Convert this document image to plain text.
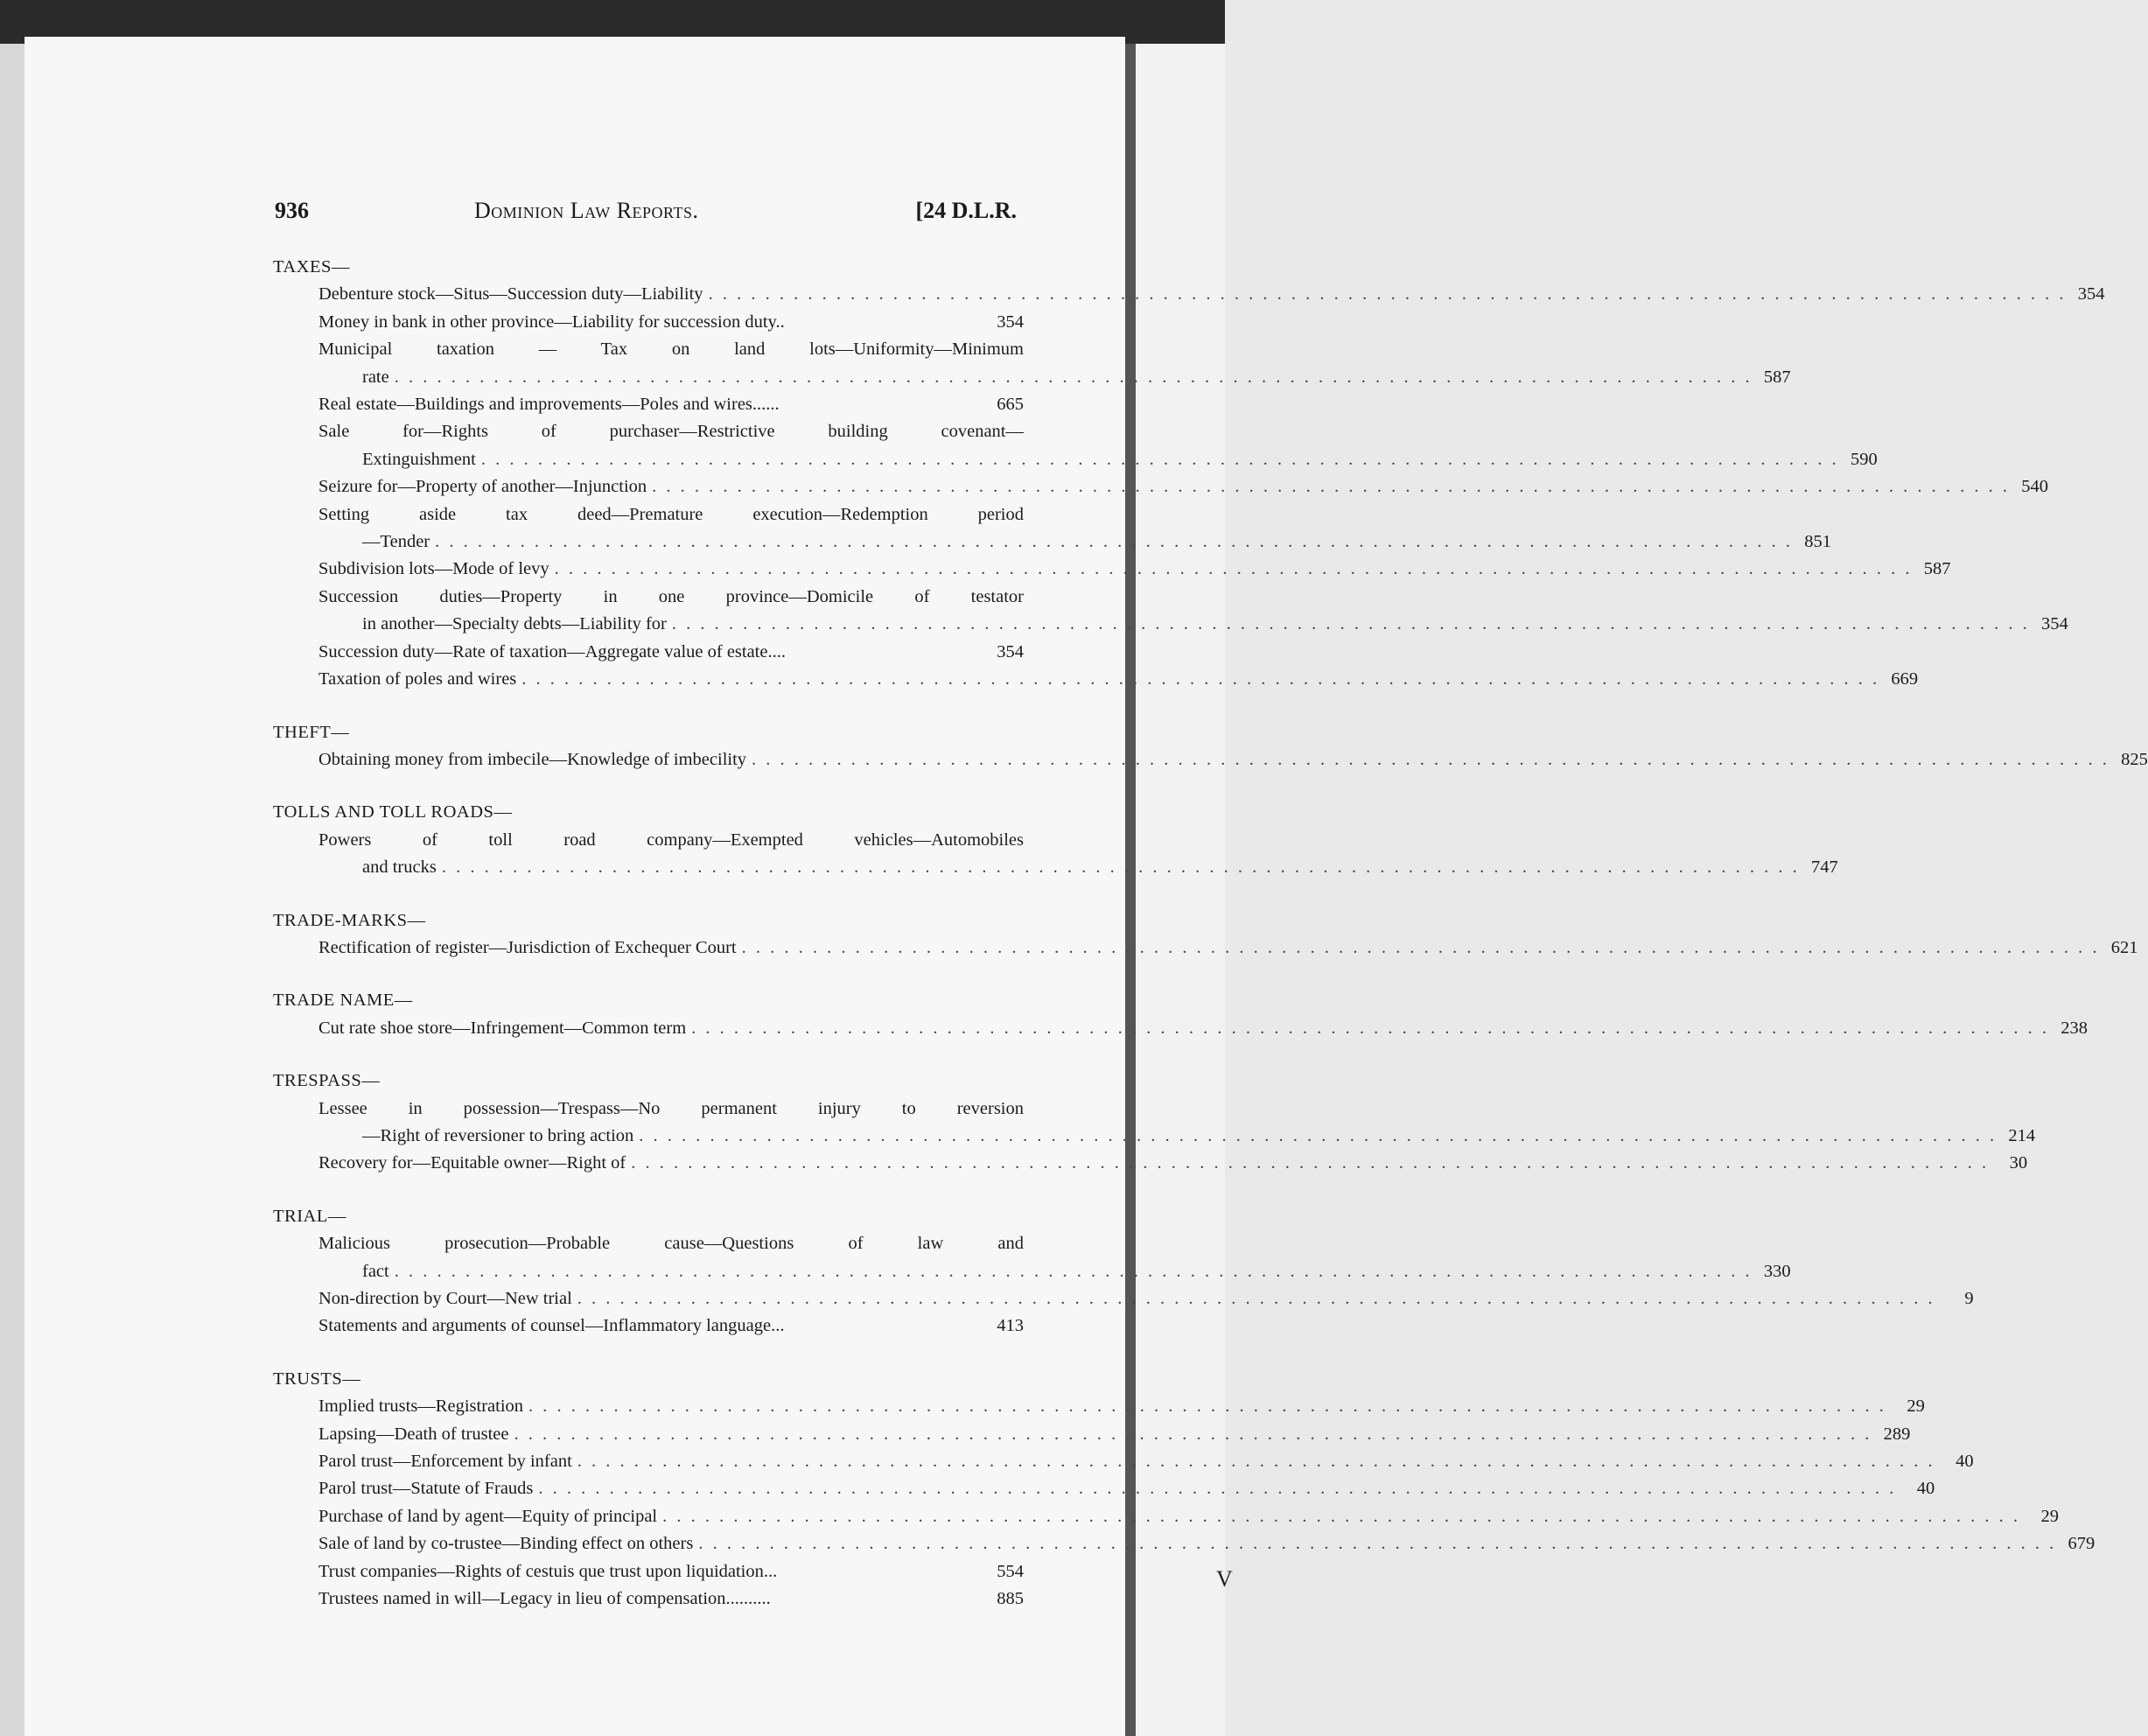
V
936	Dominion Law Reports.	[24 D.L.R.
TAXES—
Debenture stock—Situs—Succession duty—Liability . . .	354
Money in bank in other province—Liability for succession duty..	354
Municipal taxation — Tax on land lots—Uniformity—Minimum
rate . . .	587
Real estate—Buildings and improvements—Poles and wires......	665
Sale for—Rights of purchaser—Restrictive building covenant—
Extinguishment . . .	590
Seizure for—Property of another—Injunction . . .	540
Setting aside tax deed—Premature execution—Redemption period
—Tender . . .	851
Subdivision lots—Mode of levy . . .	587
Succession duties—Property in one province—Domicile of testator
in another—Specialty debts—Liability for . . .	354
Succession duty—Rate of taxation—Aggregate value of estate....	354
Taxation of poles and wires . . .	669
THEFT—
Obtaining money from imbecile—Knowledge of imbecility . . .	825
TOLLS AND TOLL ROADS—
Powers of toll road company—Exempted vehicles—Automobiles
and trucks . . .	747
TRADE-MARKS—
Rectification of register—Jurisdiction of Exchequer Court . . .	621
TRADE NAME—
Cut rate shoe store—Infringement—Common term . . .	238
TRESPASS—
Lessee in possession—Trespass—No permanent injury to reversion
—Right of reversioner to bring action . . .	214
Recovery for—Equitable owner—Right of . . .	30
TRIAL—
Malicious prosecution—Probable cause—Questions of law and
fact . . .	330
Non-direction by Court—New trial . . .	9
Statements and arguments of counsel—Inflammatory language...	413
TRUSTS—
Implied trusts—Registration . . .	29
Lapsing—Death of trustee . . .	289
Parol trust—Enforcement by infant . . .	40
Parol trust—Statute of Frauds . . .	40
Purchase of land by agent—Equity of principal . . .	29
Sale of land by co-trustee—Binding effect on others . . .	679
Trust companies—Rights of cestuis que trust upon liquidation...	554
Trustees named in will—Legacy in lieu of compensation..........	885
